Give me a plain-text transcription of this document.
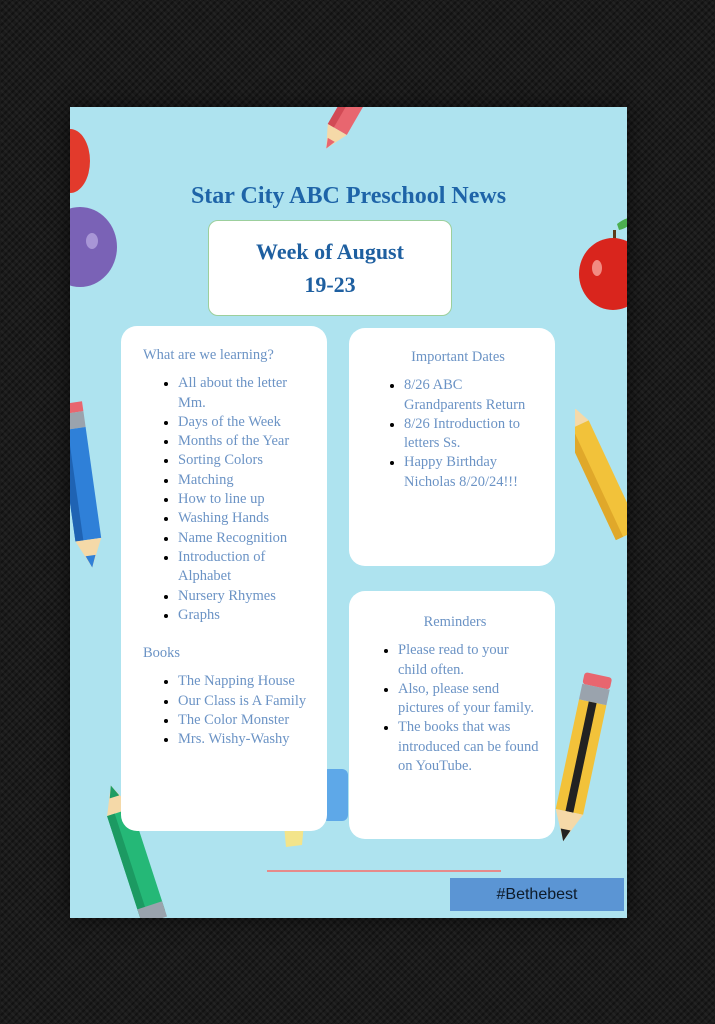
Star City ABC Preschool News
Week of August
19-23
What are we learning?
• All about the letter Mm.
• Days of the Week
• Months of the Year
• Sorting Colors
• Matching
• How to line up
• Washing Hands
• Name Recognition
• Introduction of Alphabet
• Nursery Rhymes
• Graphs
Books
• The Napping House
• Our Class is A Family
• The Color Monster
• Mrs. Wishy-Washy
Important Dates
• 8/26 ABC Grandparents Return
• 8/26 Introduction to letters Ss.
• Happy Birthday Nicholas 8/20/24!!!
Reminders
• Please read to your child often.
• Also, please send pictures of your family.
• The books that was introduced can be found on YouTube.
#Bethebest
